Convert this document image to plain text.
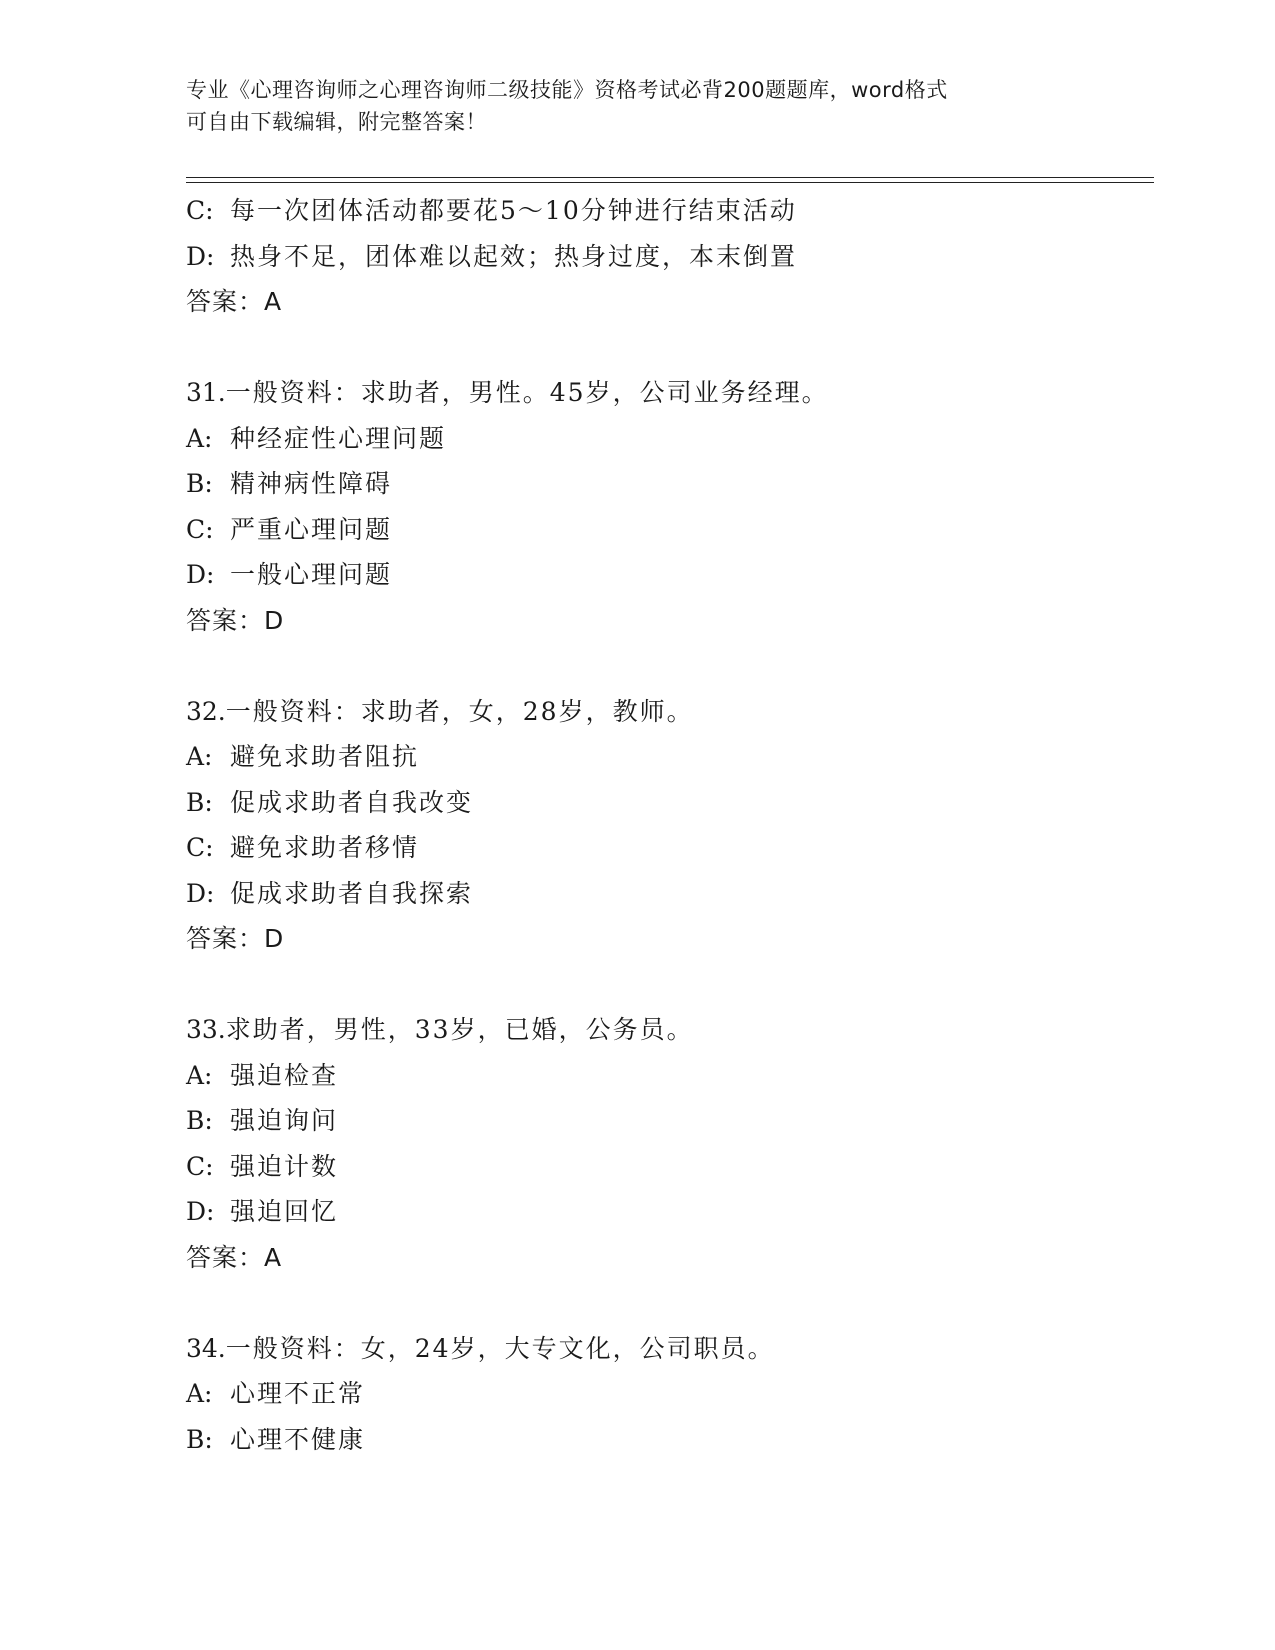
专业《心理咨询师之心理咨询师二级技能》资格考试必背200题题库，word格式
可自由下载编辑，附完整答案！
C: 每一次团体活动都要花5～10分钟进行结束活动
D: 热身不足，团体难以起效；热身过度，本末倒置
答案：A
31.一般资料：求助者，男性。45岁，公司业务经理。
A: 种经症性心理问题
B: 精神病性障碍
C: 严重心理问题
D: 一般心理问题
答案：D
32.一般资料：求助者，女，28岁，教师。
A: 避免求助者阻抗
B: 促成求助者自我改变
C: 避免求助者移情
D: 促成求助者自我探索
答案：D
33.求助者，男性，33岁，已婚，公务员。
A: 强迫检查
B: 强迫询问
C: 强迫计数
D: 强迫回忆
答案：A
34.一般资料：女，24岁，大专文化，公司职员。
A: 心理不正常
B: 心理不健康
